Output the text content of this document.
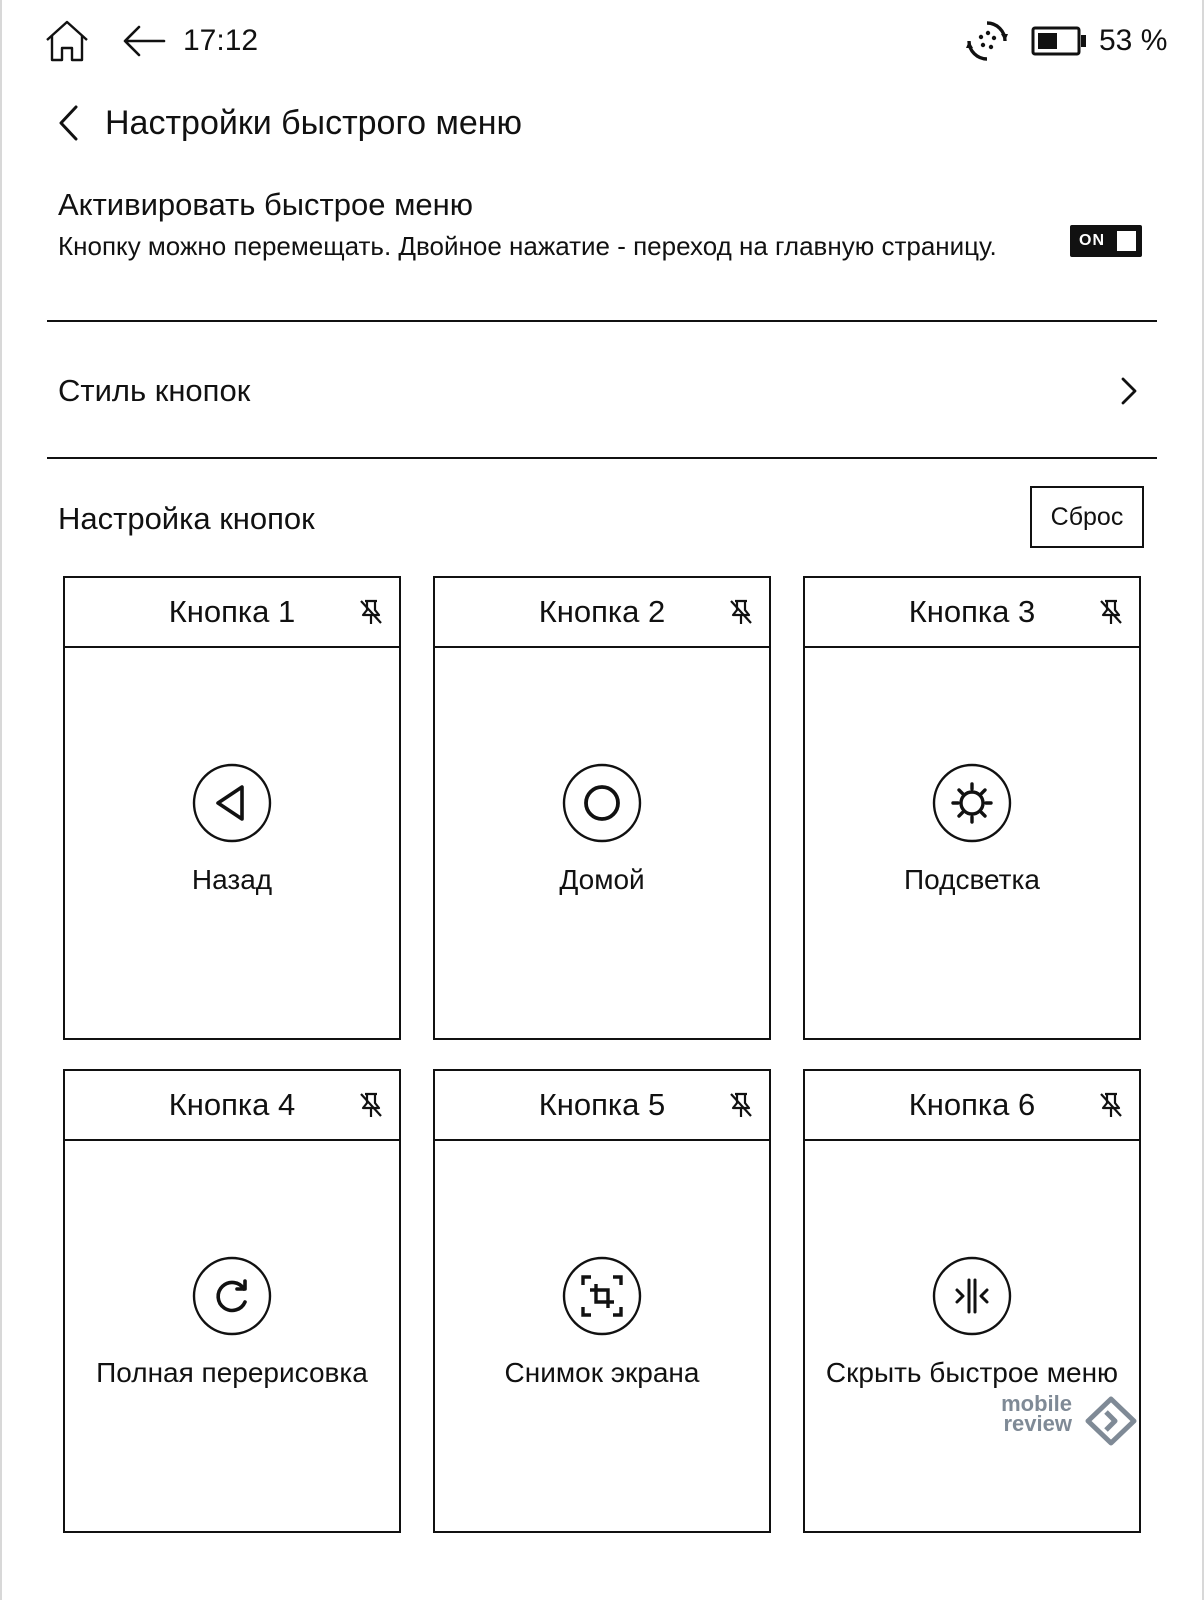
17:12	53 %
Настройки быстрого меню
Активировать быстрое меню
Кнопку можно перемещать. Двойное нажатие - переход на главную страницу.	ON
Стиль кнопок
Настройка кнопок	Сброс
Кнопка 1
Назад
Кнопка 2
Домой
Кнопка 3
Подсветка
Кнопка 4
Полная перерисовка
Кнопка 5
Снимок экрана
Кнопка 6
Скрыть быстрое меню
mobile
review
